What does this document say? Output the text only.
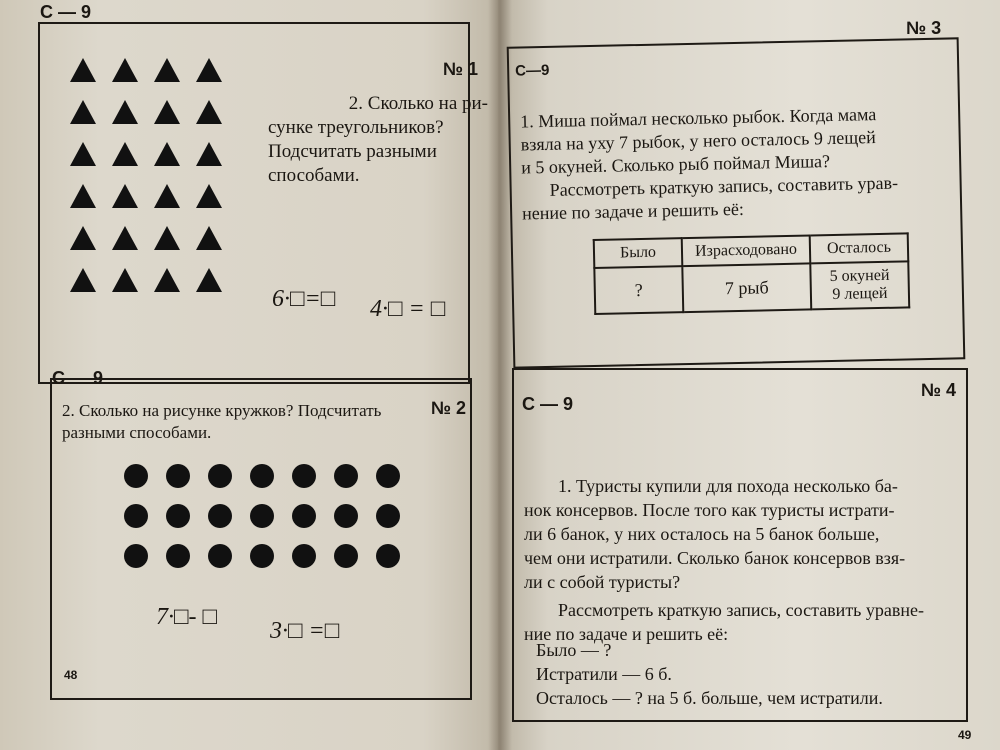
С — 9
№ 1
2. Сколько на ри-
сунке треугольников?
Подсчитать разными
способами.
6·□=□ 4·□ = □
С — 9
№ 2
2. Сколько на рисунке кружков? Подсчитать
разными способами.
7·□- □
3·□ =□
48
№ 3
С—9
1. Миша поймал несколько рыбок. Когда мама
взяла на уху 7 рыбок, у него осталось 9 лещей
и 5 окуней. Сколько рыб поймал Миша?
Рассмотреть краткую запись, составить урав-
нение по задаче и решить её:
Было	Израсходовано	Осталось
?	7 рыб	5 окуней
9 лещей
С — 9
№ 4
1. Туристы купили для похода несколько ба-
нок консервов. После того как туристы истрати-
ли 6 банок, у них осталось на 5 банок больше,
чем они истратили. Сколько банок консервов взя-
ли с собой туристы?
Рассмотреть краткую запись, составить уравне-
ние по задаче и решить её:
Было — ?
Истратили — 6 б.
Осталось — ? на 5 б. больше, чем истратили.
49
